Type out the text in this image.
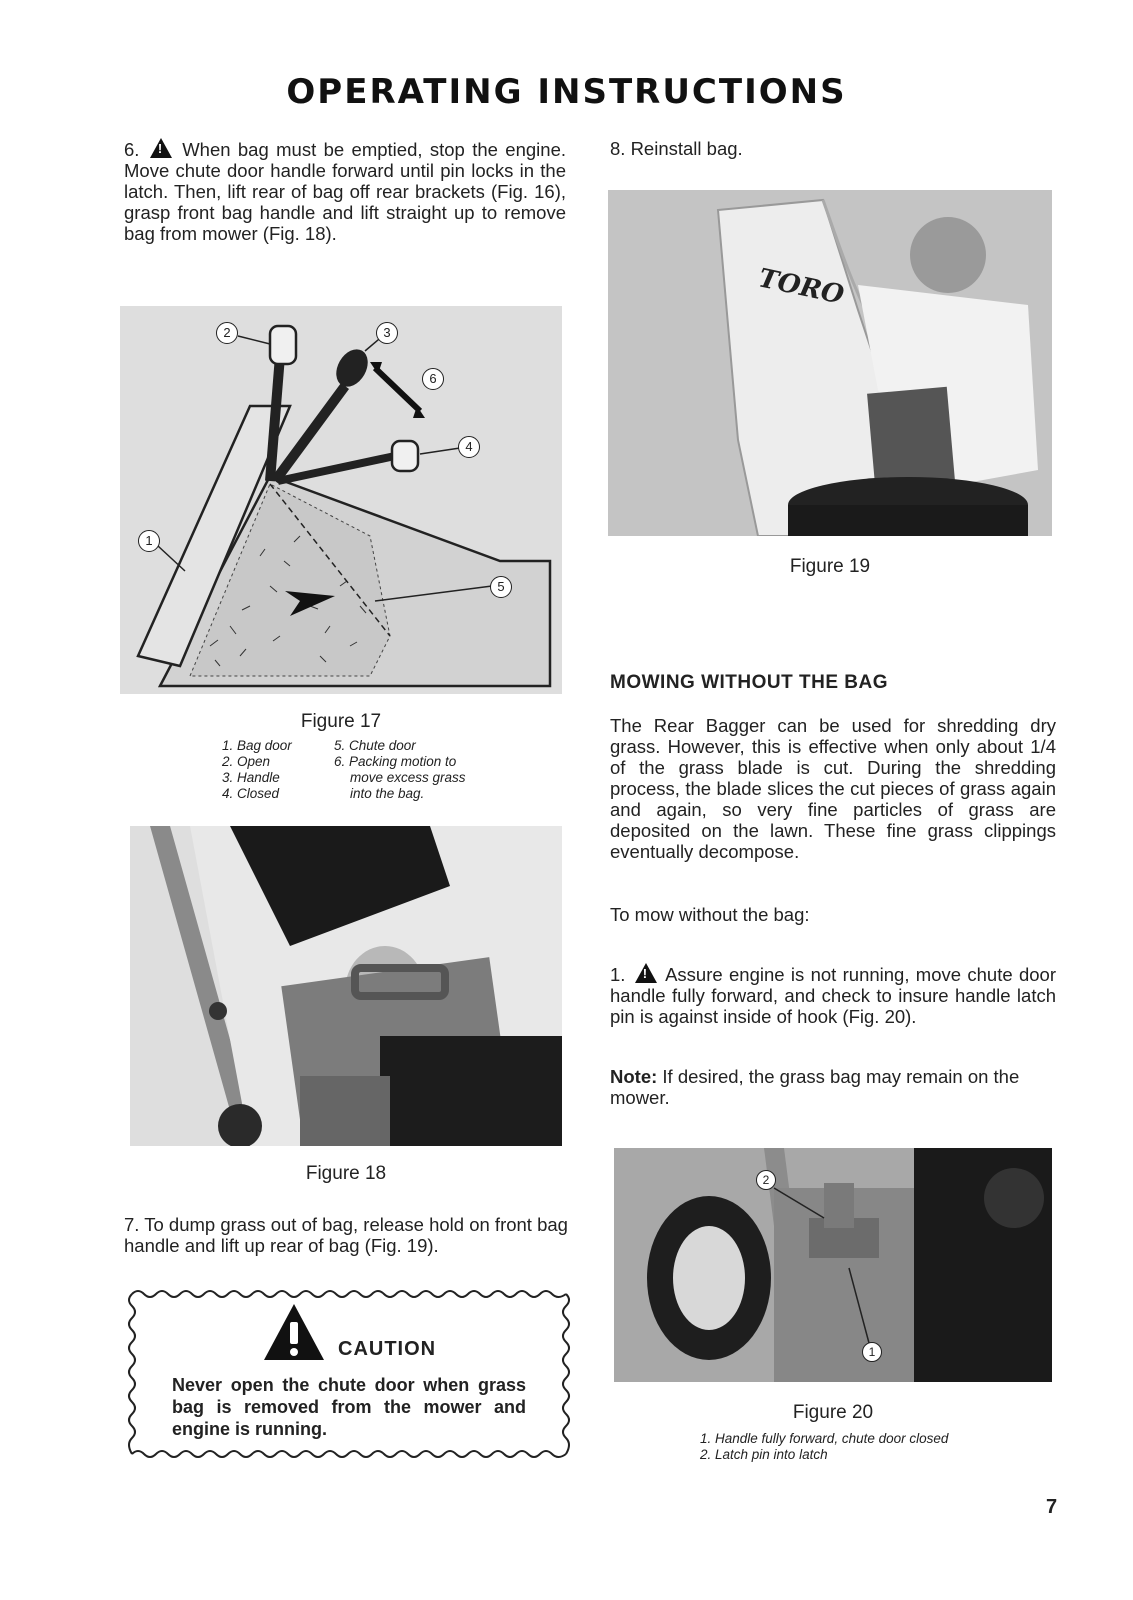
OPERATING INSTRUCTIONS
6. ! When bag must be emptied, stop the engine. Move chute door handle forward until pin locks in the latch. Then, lift rear of bag off rear brackets (Fig. 16), grasp front bag handle and lift straight up to remove bag from mower (Fig. 18).
2	3
6
4
1
5
Figure 17
1. Bag door
2. Open
3. Handle
4. Closed
5. Chute door
6. Packing motion to
move excess grass
into the bag.
Figure 18
7. To dump grass out of bag, release hold on front bag handle and lift up rear of bag (Fig. 19).
CAUTION
Never open the chute door when grass bag is removed from the mower and engine is running.
8. Reinstall bag.
TORO
Figure 19
MOWING WITHOUT THE BAG
The Rear Bagger can be used for shredding dry grass. However, this is effective when only about 1/4 of the grass blade is cut. During the shredding process, the blade slices the cut pieces of grass again and again, so very fine particles of grass are deposited on the lawn. These fine grass clippings eventually decompose.
To mow without the bag:
1. ! Assure engine is not running, move chute door handle fully forward, and check to insure handle latch pin is against inside of hook (Fig. 20).
Note: If desired, the grass bag may remain on the mower.
2
1
Figure 20
1. Handle fully forward, chute door closed
2. Latch pin into latch
7
